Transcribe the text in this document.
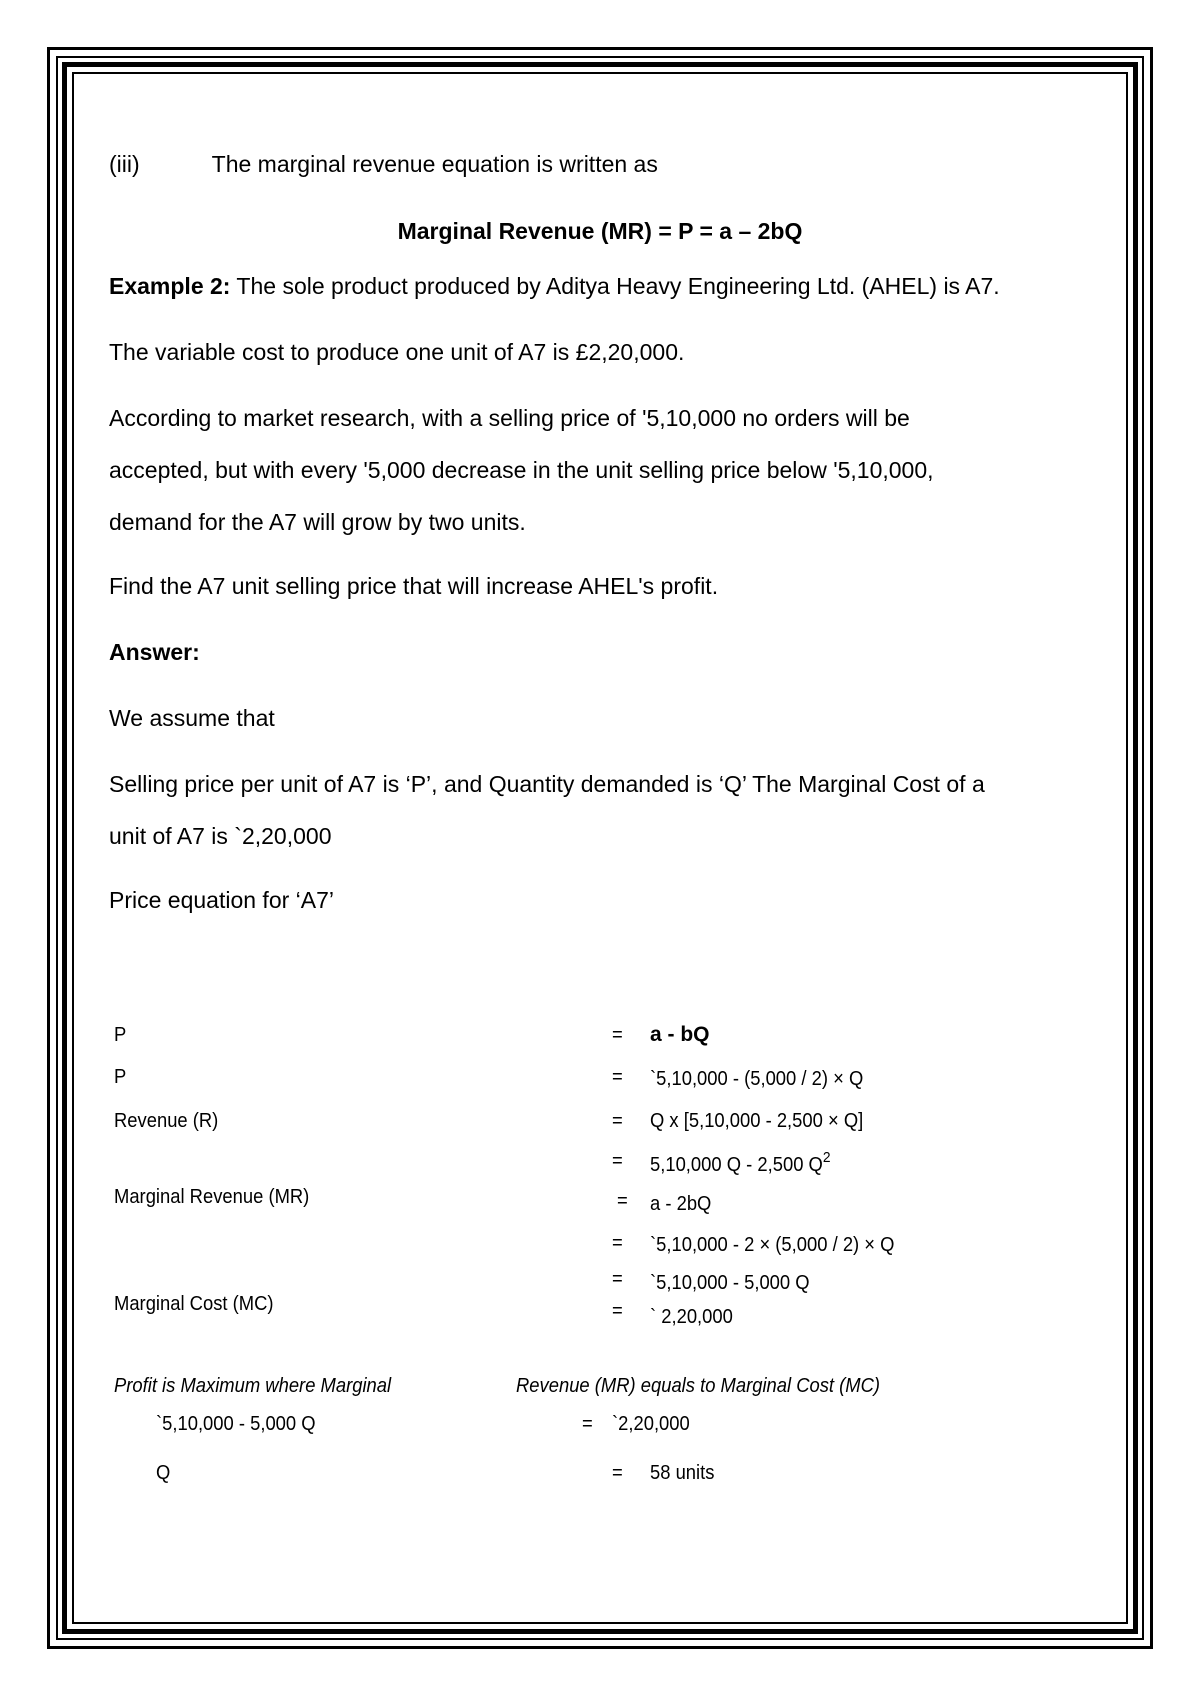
(iii)	The marginal revenue equation is written as
Marginal Revenue (MR) = P = a – 2bQ
Example 2: The sole product produced by Aditya Heavy Engineering Ltd. (AHEL) is A7.
The variable cost to produce one unit of A7 is £2,20,000.
According to market research, with a selling price of '5,10,000 no orders will be
accepted, but with every '5,000 decrease in the unit selling price below '5,10,000,
demand for the A7 will grow by two units.
Find the A7 unit selling price that will increase AHEL's profit.
Answer:
We assume that
Selling price per unit of A7 is ‘P’, and Quantity demanded is ‘Q’ The Marginal Cost of a
unit of A7 is `2,20,000
Price equation for ‘A7’
P	= a - bQ
P	= `5,10,000 - (5,000 / 2) × Q
Revenue (R)	= Q x [5,10,000 - 2,500 × Q]
= 5,10,000 Q - 2,500 $Q^2$
Marginal Revenue (MR)	= a - 2bQ
= `5,10,000 - 2 × (5,000 / 2) × Q
= `5,10,000 - 5,000 Q
Marginal Cost (MC)	= ` 2,20,000
Profit is Maximum where Marginal	Revenue (MR) equals to Marginal Cost (MC)
`5,10,000 - 5,000 Q	= `2,20,000
Q	= 58 units
